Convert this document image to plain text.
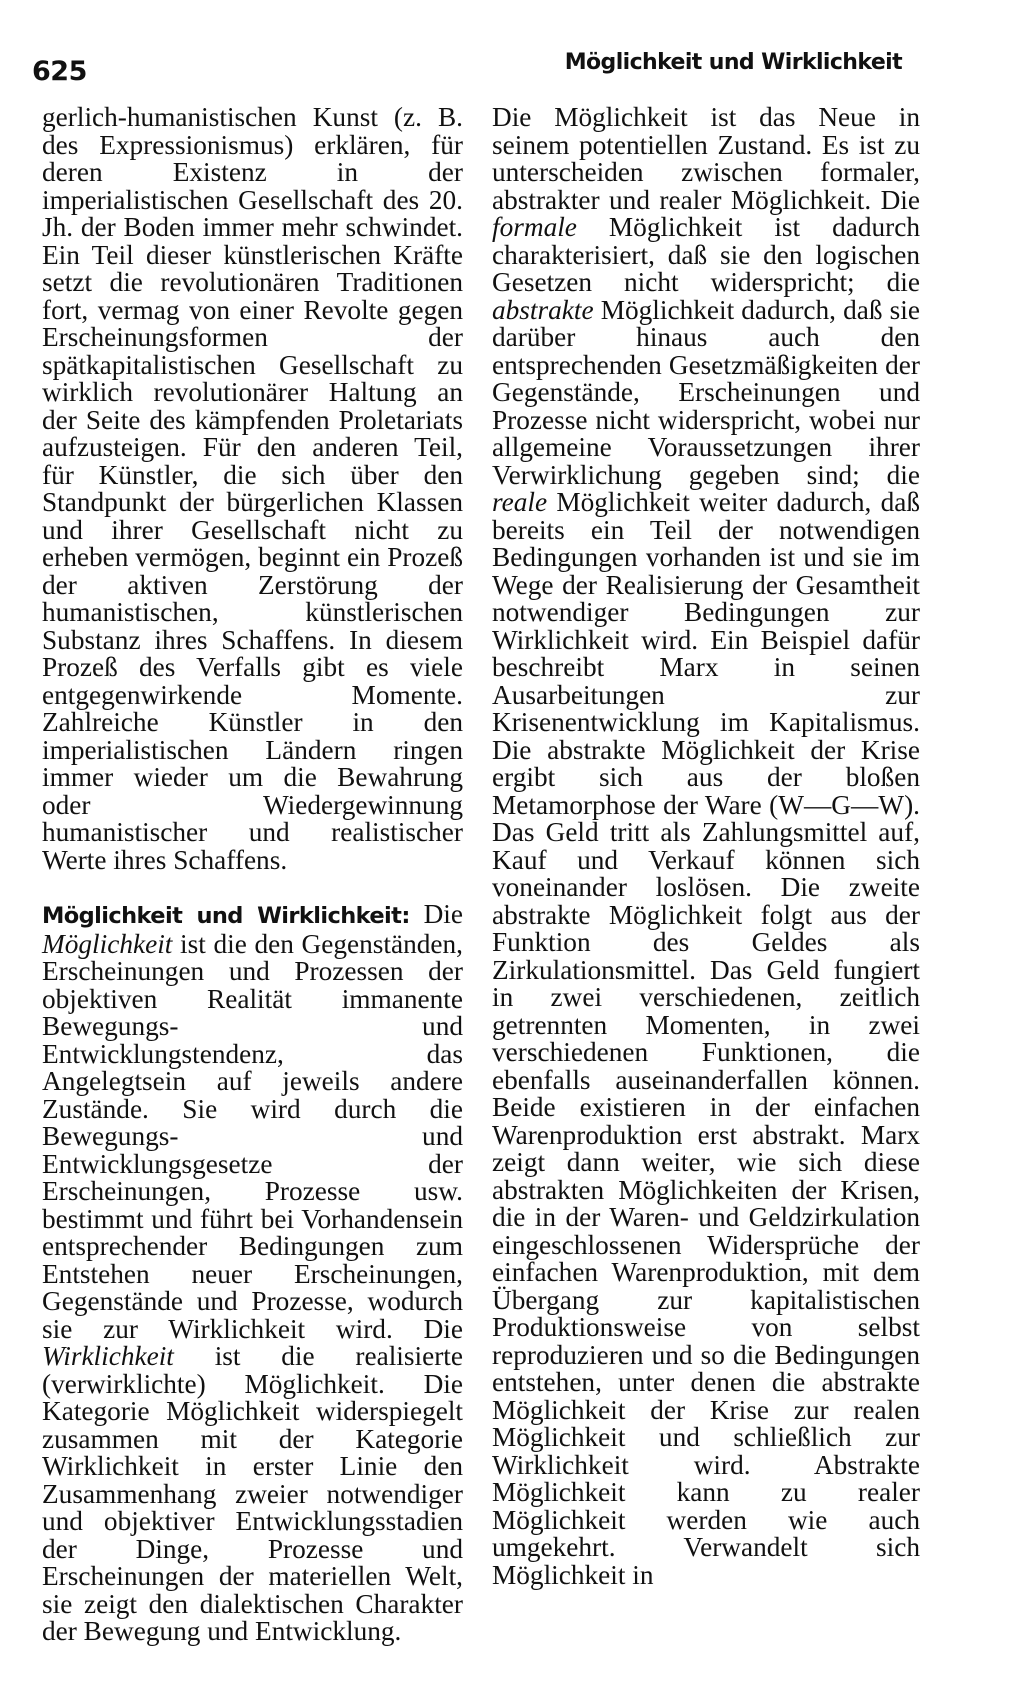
625	Möglichkeit und Wirklichkeit

gerlich-humanistischen Kunst (z. B. des Expressionismus) erklären, für deren Existenz in der imperialistischen Gesellschaft des 20. Jh. der Boden immer mehr schwindet. Ein Teil dieser künstlerischen Kräfte setzt die revolutionären Traditionen fort, vermag von einer Revolte gegen Erscheinungsformen der spätkapitalistischen Gesellschaft zu wirklich revolutionärer Haltung an der Seite des kämpfenden Proletariats aufzusteigen. Für den anderen Teil, für Künstler, die sich über den Standpunkt der bürgerlichen Klassen und ihrer Gesellschaft nicht zu erheben vermögen, beginnt ein Prozeß der aktiven Zerstörung der humanistischen, künstlerischen Substanz ihres Schaffens. In diesem Prozeß des Verfalls gibt es viele entgegenwirkende Momente. Zahlreiche Künstler in den imperialistischen Ländern ringen immer wieder um die Bewahrung oder Wiedergewinnung humanistischer und realistischer Werte ihres Schaffens.

Möglichkeit und Wirklichkeit: Die Möglichkeit ist die den Gegenständen, Erscheinungen und Prozessen der objektiven Realität immanente Bewegungs- und Entwicklungstendenz, das Angelegtsein auf jeweils andere Zustände. Sie wird durch die Bewegungs- und Entwicklungsgesetze der Erscheinungen, Prozesse usw. bestimmt und führt bei Vorhandensein entsprechender Bedingungen zum Entstehen neuer Erscheinungen, Gegenstände und Prozesse, wodurch sie zur Wirklichkeit wird. Die Wirklichkeit ist die realisierte (verwirklichte) Möglichkeit. Die Kategorie Möglichkeit widerspiegelt zusammen mit der Kategorie Wirklichkeit in erster Linie den Zusammenhang zweier notwendiger und objektiver Entwicklungsstadien der Dinge, Prozesse und Erscheinungen der materiellen Welt, sie zeigt den dialektischen Charakter der Bewegung und Entwicklung.

Die Möglichkeit ist das Neue in seinem potentiellen Zustand. Es ist zu unterscheiden zwischen formaler, abstrakter und realer Möglichkeit. Die formale Möglichkeit ist dadurch charakterisiert, daß sie den logischen Gesetzen nicht widerspricht; die abstrakte Möglichkeit dadurch, daß sie darüber hinaus auch den entsprechenden Gesetzmäßigkeiten der Gegenstände, Erscheinungen und Prozesse nicht widerspricht, wobei nur allgemeine Voraussetzungen ihrer Verwirklichung gegeben sind; die reale Möglichkeit weiter dadurch, daß bereits ein Teil der notwendigen Bedingungen vorhanden ist und sie im Wege der Realisierung der Gesamtheit notwendiger Bedingungen zur Wirklichkeit wird. Ein Beispiel dafür beschreibt Marx in seinen Ausarbeitungen zur Krisenentwicklung im Kapitalismus. Die abstrakte Möglichkeit der Krise ergibt sich aus der bloßen Metamorphose der Ware (W—G—W). Das Geld tritt als Zahlungsmittel auf, Kauf und Verkauf können sich voneinander loslösen. Die zweite abstrakte Möglichkeit folgt aus der Funktion des Geldes als Zirkulationsmittel. Das Geld fungiert in zwei verschiedenen, zeitlich getrennten Momenten, in zwei verschiedenen Funktionen, die ebenfalls auseinanderfallen können. Beide existieren in der einfachen Warenproduktion erst abstrakt. Marx zeigt dann weiter, wie sich diese abstrakten Möglichkeiten der Krisen, die in der Waren- und Geldzirkulation eingeschlossenen Widersprüche der einfachen Warenproduktion, mit dem Übergang zur kapitalistischen Produktionsweise von selbst reproduzieren und so die Bedingungen entstehen, unter denen die abstrakte Möglichkeit der Krise zur realen Möglichkeit und schließlich zur Wirklichkeit wird. Abstrakte Möglichkeit kann zu realer Möglichkeit werden wie auch umgekehrt. Verwandelt sich Möglichkeit in
